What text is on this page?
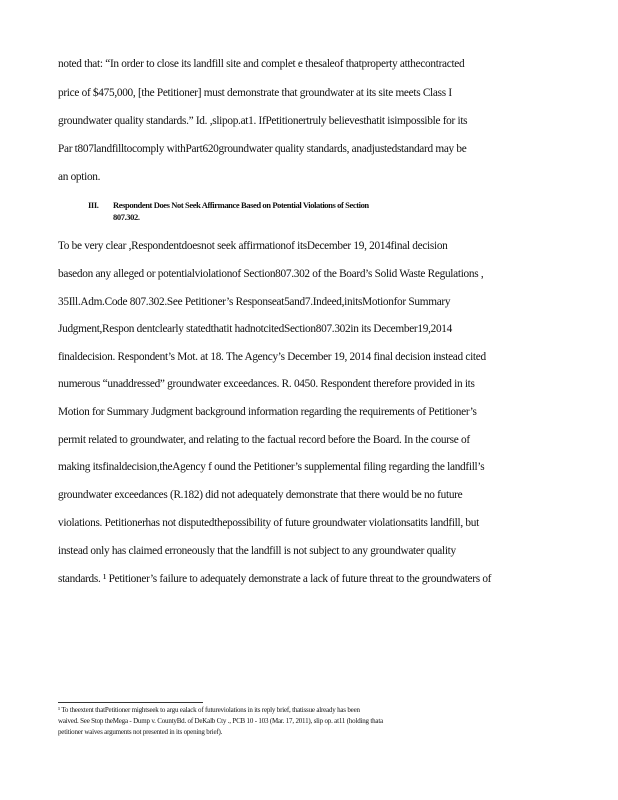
noted that: “In order to close its landfill site and complet e thesaleof thatproperty atthecontracted
price of $475,000, [the Petitioner] must demonstrate that groundwater at its site meets Class I
groundwater quality standards.” Id. ,slipop.at1. IfPetitionertruly believesthatit isimpossible for its
Par t807landfilltocomply withPart620groundwater quality standards, anadjustedstandard may be
an option.
III. Respondent Does Not Seek Affirmance Based on Potential Violations of Section
807.302.
To be very clear ,Respondentdoesnot seek affirmationof itsDecember 19, 2014final decision
basedon any alleged or potentialviolationof Section807.302 of the Board’s Solid Waste Regulations ,
35Ill.Adm.Code 807.302.See Petitioner’s Responseat5and7.Indeed,initsMotionfor Summary
Judgment,Respon dentclearly statedthatit hadnotcitedSection807.302in its December19,2014
finaldecision. Respondent’s Mot. at 18. The Agency’s December 19, 2014 final decision instead cited
numerous “unaddressed” groundwater exceedances. R. 0450. Respondent therefore provided in its
Motion for Summary Judgment background information regarding the requirements of Petitioner’s
permit related to groundwater, and relating to the factual record before the Board. In the course of
making itsfinaldecision,theAgency f ound the Petitioner’s supplemental filing regarding the landfill’s
groundwater exceedances (R.182) did not adequately demonstrate that there would be no future
violations. Petitionerhas not disputedthepossibility of future groundwater violationsatits landfill, but
instead only has claimed erroneously that the landfill is not subject to any groundwater quality
standards. ¹ Petitioner’s failure to adequately demonstrate a lack of future threat to the groundwaters of
¹ To theextent thatPetitioner mightseek to argu ealack of futureviolations in its reply brief, thatissue already has been
waived. See Stop theMega - Dump v. CountyBd. of DeKalb Cty ., PCB 10 - 103 (Mar. 17, 2011), slip op. at11 (holding thata
petitioner waives arguments not presented in its opening brief).
